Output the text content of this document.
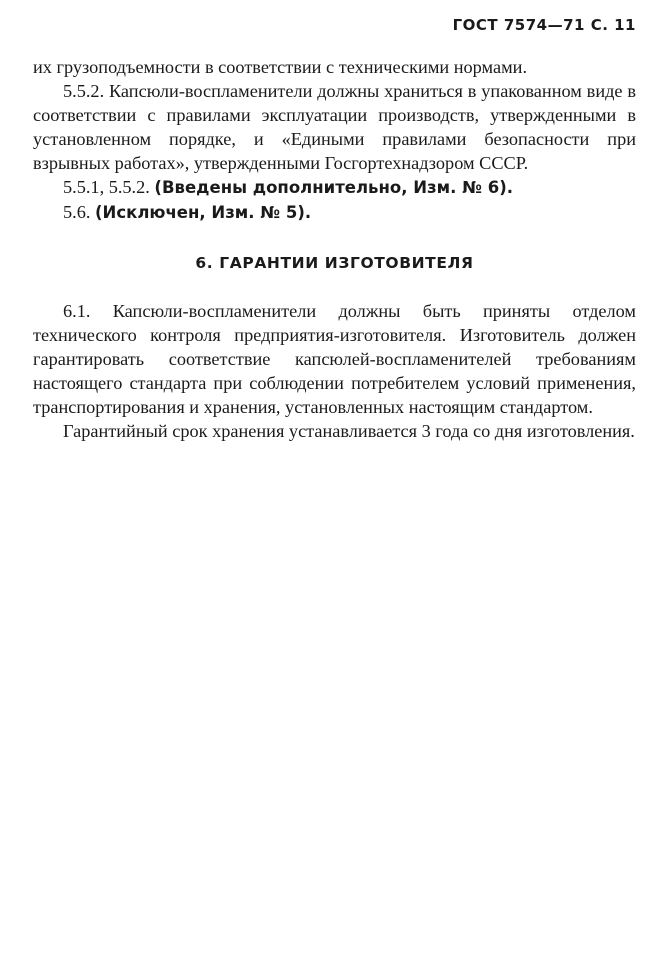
ГОСТ 7574—71 С. 11

их грузоподъемности в соответствии с техническими нормами.

5.5.2. Капсюли-воспламенители должны храниться в упакованном виде в соответствии с правилами эксплуатации производств, утвержденными в установленном порядке, и «Едиными правилами безопасности при взрывных работах», утвержденными Госгортехнадзором СССР.

5.5.1, 5.5.2. (Введены дополнительно, Изм. № 6).

5.6. (Исключен, Изм. № 5).

6. ГАРАНТИИ ИЗГОТОВИТЕЛЯ

6.1. Капсюли-воспламенители должны быть приняты отделом технического контроля предприятия-изготовителя. Изготовитель должен гарантировать соответствие капсюлей-воспламенителей требованиям настоящего стандарта при соблюдении потребителем условий применения, транспортирования и хранения, установленных настоящим стандартом.

Гарантийный срок хранения устанавливается 3 года со дня изготовления.
